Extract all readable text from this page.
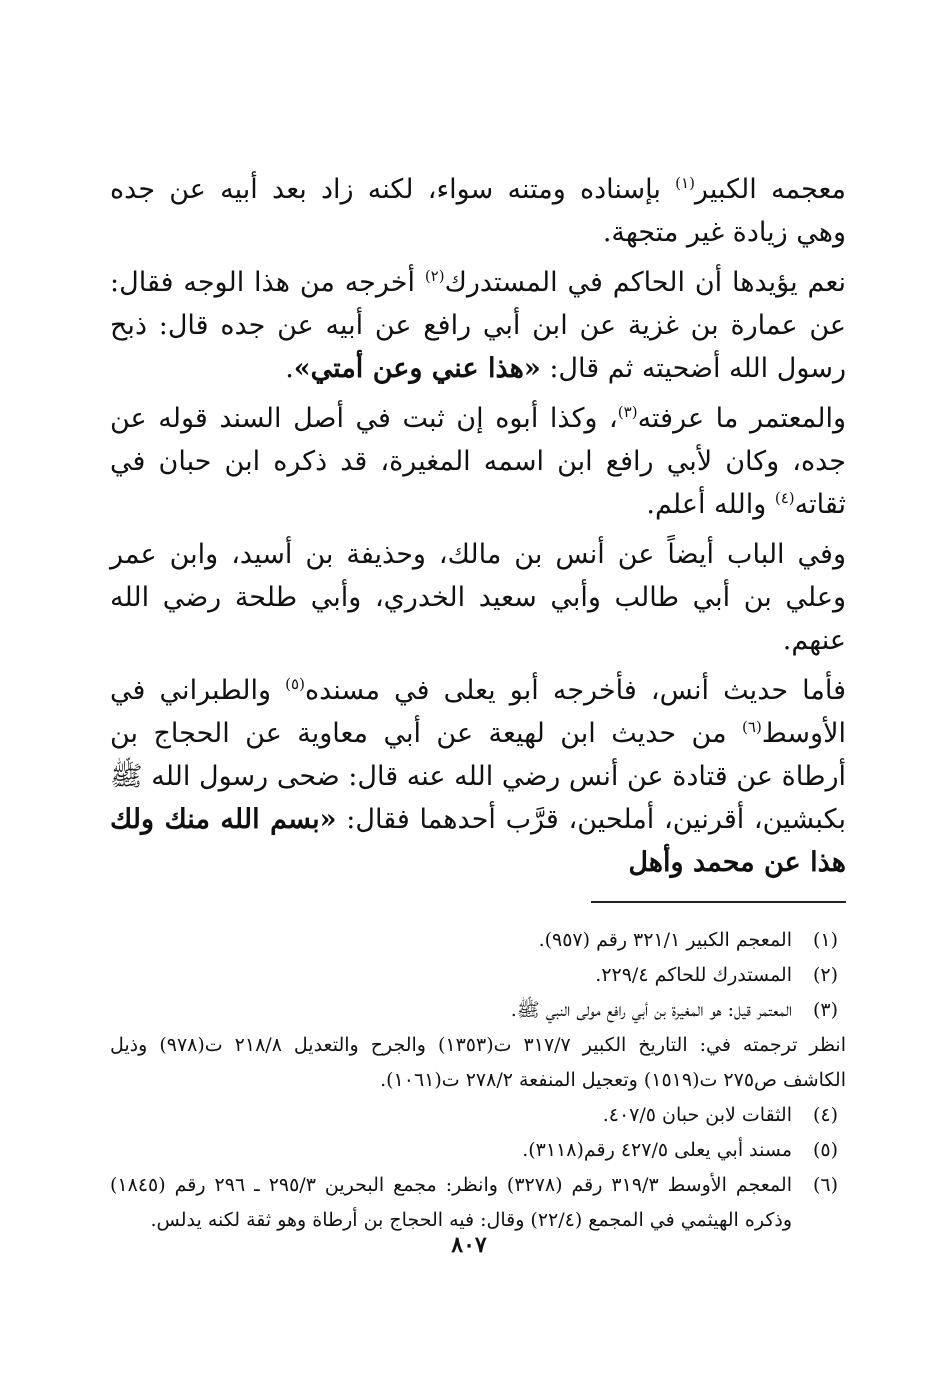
معجمه الكبير$^{(١)}$ بإسناده ومتنه سواء، لكنه زاد بعد أبيه عن جده وهي زيادة غير متجهة.

نعم يؤيدها أن الحاكم في المستدرك$^{(٢)}$ أخرجه من هذا الوجه فقال: عن عمارة بن غزية عن ابن أبي رافع عن أبيه عن جده قال: ذبح رسول الله أضحيته ثم قال: «هذا عني وعن أمتي».

والمعتمر ما عرفته$^{(٣)}$، وكذا أبوه إن ثبت في أصل السند قوله عن جده، وكان لأبي رافع ابن اسمه المغيرة، قد ذكره ابن حبان في ثقاته$^{(٤)}$ والله أعلم.

وفي الباب أيضاً عن أنس بن مالك، وحذيفة بن أسيد، وابن عمر وعلي بن أبي طالب وأبي سعيد الخدري، وأبي طلحة رضي الله عنهم.

فأما حديث أنس، فأخرجه أبو يعلى في مسنده$^{(٥)}$ والطبراني في الأوسط$^{(٦)}$ من حديث ابن لهيعة عن أبي معاوية عن الحجاج بن أرطاة عن قتادة عن أنس رضي الله عنه قال: ضحى رسول الله ﷺ بكبشين، أقرنين، أملحين، قرَّب أحدهما فقال: «بسم الله منك ولك هذا عن محمد وأهل

(١)
المعجم الكبير ٣٢١/١ رقم (٩٥٧).
(٢)
المستدرك للحاكم ٢٢٩/٤.
(٣)
المعتمر قيل: هو المغيرة بن أبي رافع مولى النبي ﷺ.
انظر ترجمته في: التاريخ الكبير ٣١٧/٧ ت(١٣٥٣) والجرح والتعديل ٢١٨/٨ ت(٩٧٨) وذيل الكاشف ص٢٧٥ ت(١٥١٩) وتعجيل المنفعة ٢٧٨/٢ ت(١٠٦١).
(٤)
الثقات لابن حبان ٤٠٧/٥.
(٥)
مسند أبي يعلى ٤٢٧/٥ رقم(٣١١٨).
(٦)
المعجم الأوسط ٣١٩/٣ رقم (٣٢٧٨) وانظر: مجمع البحرين ٢٩٥/٣ ـ ٢٩٦ رقم (١٨٤٥) وذكره الهيثمي في المجمع (٢٢/٤) وقال: فيه الحجاج بن أرطاة وهو ثقة لكنه يدلس.
٨٠٧
